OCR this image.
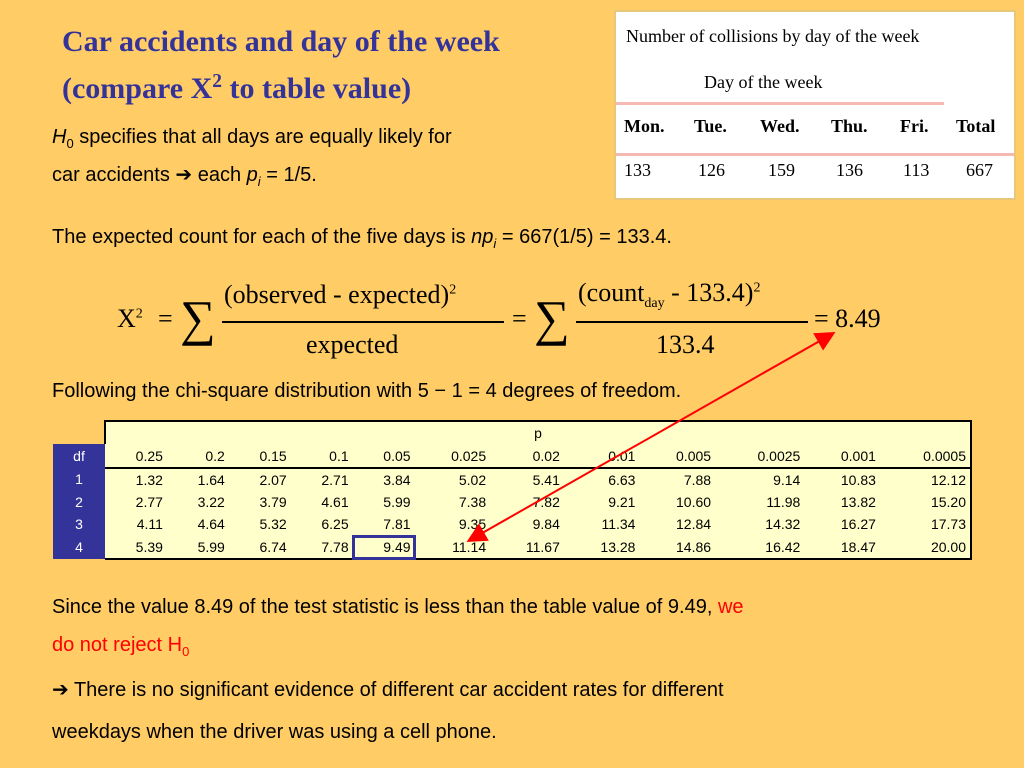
Car accidents and day of the week
(compare $X^2$ to table value)
$H_0$ specifies that all days are equally likely for
car accidents ➔ each $p_i = 1/5$.
Number of collisions by day of the week
Day of the week
Mon. Tue. Wed. Thu. Fri. Total
133	126 159 136 113 667
The expected count for each of the five days is $np_i = 667(1/5) = 133.4$.
$X^2$ = ∑ (observed - expected)$^2$
expected
= ∑ (count$_{day}$ - 133.4)$^2$
133.4
= 8.49
Following the chi-square distribution with 5 − 1 = 4 degrees of freedom.
	p											
df	0.25	0.2	0.15	0.1	0.05	0.025	0.02	0.01	0.005	0.0025	0.001	0.0005
1	1.32	1.64	2.07	2.71	3.84	5.02	5.41	6.63	7.88	9.14	10.83	12.12
2	2.77	3.22	3.79	4.61	5.99	7.38	7.82	9.21	10.60	11.98	13.82	15.20
3	4.11	4.64	5.32	6.25	7.81	9.35	9.84	11.34	12.84	14.32	16.27	17.73
4	5.39	5.99	6.74	7.78	9.49	11.14	11.67	13.28	14.86	16.42	18.47	20.00
Since the value 8.49 of the test statistic is less than the table value of 9.49, we
do not reject $H_0$
➔ There is no significant evidence of different car accident rates for different
weekdays when the driver was using a cell phone.
